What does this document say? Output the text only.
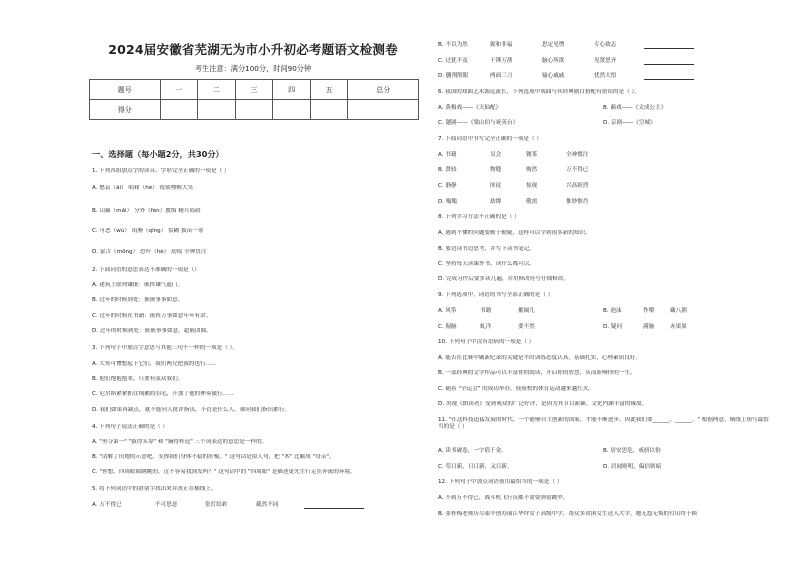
2024届安徽省芜湖无为市小升初必考题语文检测卷
考生注意：满分100分，时间90分钟
题号	一	二	三	四	五	总分
得分						
一、选择题（每小题2分，共30分）
1. 下列各组加点字的读音、字形完全正确的一项是（ ）
A. 憨哀（āi） 唱和（hè） 锐锁嘿喉大笑
B. 山籁（mǎi） 分外（fèn）教悔 精兵简政
C. 可恶（wù） 绢膊（qīng） 浆糊 拔苗一筹
D. 蒙古（mōng） 恐吓（hè） 劫绥 全神贯注
2. 下面词语的意思表达不准确的一项是（）
A. 建筑上联列镶嵌：嵌挥镶气遥门。
B. 过年的时候到处：嵌嵌事事如意。
C. 过年的时候在书籍：嵌挥万事如意年年有余。
D. 过年的时候到处：嵌嵌事事如意，超嵌团圆。
3. 下列句子中加点字意思与其他三句不一样的一项是（ ）。
A. 大哥可惨想起下它们，我们两兄把我的也行……
B. 他们饱抱抱来，只要有弦众我们。
C. 尼尔斯紧紧抓住绒鹅的羽毛，升加了他的伸奏旅行……
D. 我们如果再缺点，就不能向人批评指出，不管是什么人，谁向我们指出都行。
4. 下列句子说法正确的是（ ）
A. "勇夺第一" "拔得头筹" 和 "摘得桂冠" 三个词表达的意思是一样的。
B. "清解了田地的示意吧，支撑我们身体不稳的肝棍。" 这句话是拟人句，把 "木" 比喻成 "母亲"。
C. "你想，四周眼睛眺眺的，近不容易找到发吗？" 这句话中的 "四周眼" 是描述更先生行走在奔流的环境。
5. 将下列词语中的错别字找出来并改正在横线上。
A. 万不得已	不可思意	张灯结彩	截然不同
B. 不以为然	源和非福	思定见愣	专心致志
C. 过犹不及	千锤万凿	脑心所欲	见贤思齐
D. 删削削眼	两面三刀	输心戚戚	忧然大悟
6. 我国的戏曲艺术源远流长，下列选项中戏曲与其经典剧目搭配有错误的是（ ）。
A. 黄梅戏——《天仙配》	B. 蔺戏——《文成公主》
C. 越剧——《梁山伯与祝英台》	D. 京剧——《空城》
7. 下面词语中书写完全正确的一项是（ ）
A. 书籍	吴会	镀茶	全神惯注
B. 贤较	物缝	购然	万不得已
C. 静静	匪徒	惊视	兴高彩烈
D. 嗡嗡	劫绑	敬需	惟妙惟肖
8. 下列学习方法不正确的是（ ）
A. 遇到不懂的问题要勤于勤疑，这样可以学到很多新的知识。
B. 要边读书边思考，并写下读书笔记。
C. 坚持每天读课外书，读什么都可以。
D. 完成习作后要多读几遍，并用修改符号仔细修改。
9. 下列选项中，词语的书写全部正确的是（ ）
A. 风筝	书籍	摧阔儿	B. 池沫	作喂	藏八粥
C. 倔脑	虬洋	要不然	D. 疑问	满脑	赤果果
10. 下列句子中没有语病的一项是（ ）
A. 能否在比赛中刷新纪录的关键是平时训练态度认真，基础扎实，心理素质良好。
B. 一部经典的文学作品可以丰富你的阅读，开启你的智慧，从而影响你的一生。
C. 随着 "全运会" 的成功举办，使我校的体育运动越来越红火。
D. 央视《朗读者》受到观众的广泛好评，是因为其节目新颖、文化内涵丰富的缘故。
11. "在这科技迅猛发展的时代，一个能够自主创新的国家，才能不断进步。因此我们要______，______。" 根据两意，横线上填写最恰当的是（ ）
A. 读书破卷，一字值千金。	B. 居安思危，戒骄以怡
C. 苟日新，日日新，又日新。	D. 居闻则明，偏信则暗
12. 下列句子中加点词语使用最恰当的一项是（ ）
A. 不到万不得已，战斗机飞行员都不需要弹射跳伞。
B. 张桂梅老师历尽艰辛创办丽江华坪女子高级中学，帮众多贫困女生送入大学，她无怨无悔的付出终于换
